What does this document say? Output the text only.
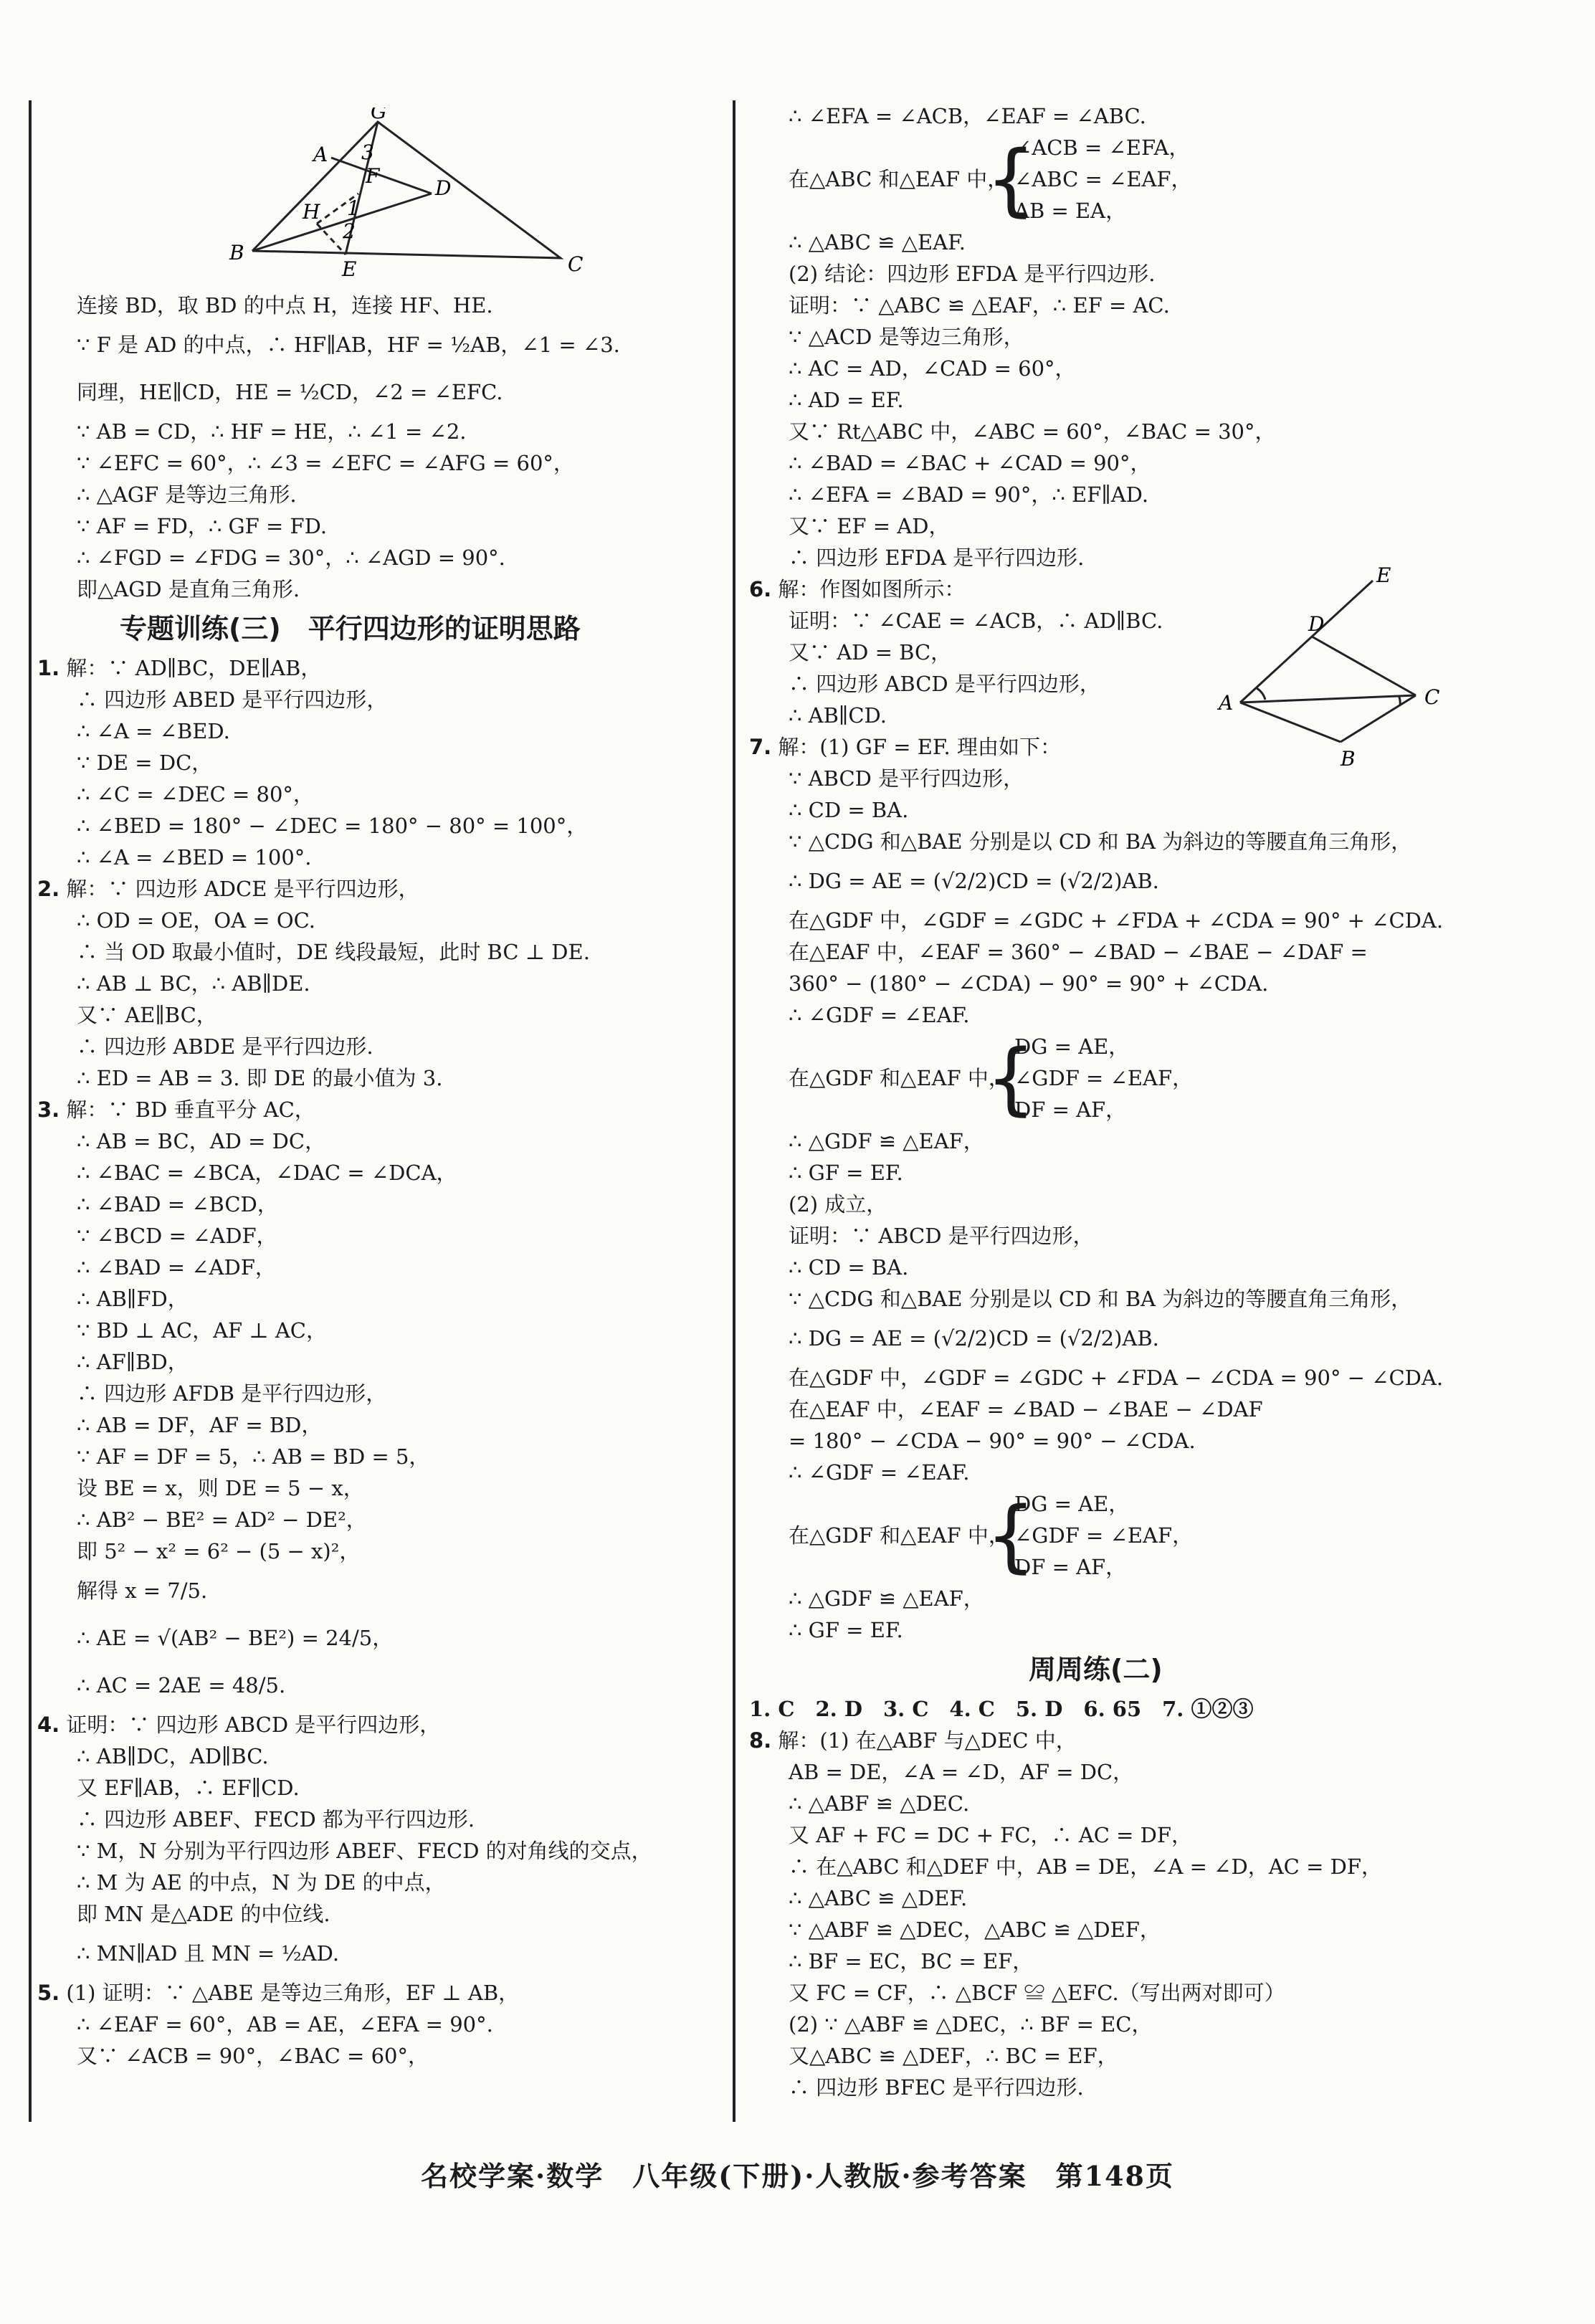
G
A 3
F
D
H 1
2
B
E	C
连接 BD，取 BD 的中点 H，连接 HF、HE.
∵ F 是 AD 的中点，∴ HF∥AB，HF = ½AB，∠1 = ∠3.
同理，HE∥CD，HE = ½CD，∠2 = ∠EFC.
∵ AB = CD，∴ HF = HE，∴ ∠1 = ∠2.
∵ ∠EFC = 60°，∴ ∠3 = ∠EFC = ∠AFG = 60°，
∴ △AGF 是等边三角形.
∵ AF = FD，∴ GF = FD.
∴ ∠FGD = ∠FDG = 30°，∴ ∠AGD = 90°.
即△AGD 是直角三角形.
专题训练(三)　平行四边形的证明思路
1. 解：∵ AD∥BC，DE∥AB，
∴ 四边形 ABED 是平行四边形，
∴ ∠A = ∠BED.
∵ DE = DC，
∴ ∠C = ∠DEC = 80°，
∴ ∠BED = 180° − ∠DEC = 180° − 80° = 100°，
∴ ∠A = ∠BED = 100°.
2. 解：∵ 四边形 ADCE 是平行四边形，
∴ OD = OE，OA = OC.
∴ 当 OD 取最小值时，DE 线段最短，此时 BC ⊥ DE.
∴ AB ⊥ BC，∴ AB∥DE.
又∵ AE∥BC，
∴ 四边形 ABDE 是平行四边形.
∴ ED = AB = 3. 即 DE 的最小值为 3.
3. 解：∵ BD 垂直平分 AC，
∴ AB = BC，AD = DC，
∴ ∠BAC = ∠BCA，∠DAC = ∠DCA，
∴ ∠BAD = ∠BCD，
∵ ∠BCD = ∠ADF，
∴ ∠BAD = ∠ADF，
∴ AB∥FD，
∵ BD ⊥ AC，AF ⊥ AC，
∴ AF∥BD，
∴ 四边形 AFDB 是平行四边形，
∴ AB = DF，AF = BD，
∵ AF = DF = 5，∴ AB = BD = 5，
设 BE = x，则 DE = 5 − x，
∴ AB² − BE² = AD² − DE²，
即 5² − x² = 6² − (5 − x)²，
解得 x = 7/5.
∴ AE = √(AB² − BE²) = 24/5，
∴ AC = 2AE = 48/5.
4. 证明：∵ 四边形 ABCD 是平行四边形，
∴ AB∥DC，AD∥BC.
又 EF∥AB，∴ EF∥CD.
∴ 四边形 ABEF、FECD 都为平行四边形.
∵ M，N 分别为平行四边形 ABEF、FECD 的对角线的交点，
∴ M 为 AE 的中点，N 为 DE 的中点，
即 MN 是△ADE 的中位线.
∴ MN∥AD 且 MN = ½AD.
5. (1) 证明：∵ △ABE 是等边三角形，EF ⊥ AB，
∴ ∠EAF = 60°，AB = AE，∠EFA = 90°.
又∵ ∠ACB = 90°，∠BAC = 60°，
∴ ∠EFA = ∠ACB，∠EAF = ∠ABC.
在△ABC 和△EAF 中，
{
∠ACB = ∠EFA，
∠ABC = ∠EAF，
AB = EA，
∴ △ABC ≌ △EAF.
(2) 结论：四边形 EFDA 是平行四边形.
证明：∵ △ABC ≌ △EAF，∴ EF = AC.
∵ △ACD 是等边三角形，
∴ AC = AD，∠CAD = 60°，
∴ AD = EF.
又∵ Rt△ABC 中，∠ABC = 60°，∠BAC = 30°，
∴ ∠BAD = ∠BAC + ∠CAD = 90°，
∴ ∠EFA = ∠BAD = 90°，∴ EF∥AD.
又∵ EF = AD，
∴ 四边形 EFDA 是平行四边形.
6. 解：作图如图所示：
证明：∵ ∠CAE = ∠ACB，∴ AD∥BC.
又∵ AD = BC，
∴ 四边形 ABCD 是平行四边形，
∴ AB∥CD.
E
D
A	C
B
7. 解：(1) GF = EF. 理由如下：
∵ ABCD 是平行四边形，
∴ CD = BA.
∵ △CDG 和△BAE 分别是以 CD 和 BA 为斜边的等腰直角三角形，
∴ DG = AE = (√2/2)CD = (√2/2)AB.
在△GDF 中，∠GDF = ∠GDC + ∠FDA + ∠CDA = 90° + ∠CDA.
在△EAF 中，∠EAF = 360° − ∠BAD − ∠BAE − ∠DAF =
360° − (180° − ∠CDA) − 90° = 90° + ∠CDA.
∴ ∠GDF = ∠EAF.
在△GDF 和△EAF 中，
{
DG = AE，
∠GDF = ∠EAF，
DF = AF，
∴ △GDF ≌ △EAF，
∴ GF = EF.
(2) 成立，
证明：∵ ABCD 是平行四边形，
∴ CD = BA.
∵ △CDG 和△BAE 分别是以 CD 和 BA 为斜边的等腰直角三角形，
∴ DG = AE = (√2/2)CD = (√2/2)AB.
在△GDF 中，∠GDF = ∠GDC + ∠FDA − ∠CDA = 90° − ∠CDA.
在△EAF 中，∠EAF = ∠BAD − ∠BAE − ∠DAF
= 180° − ∠CDA − 90° = 90° − ∠CDA.
∴ ∠GDF = ∠EAF.
在△GDF 和△EAF 中，
{
DG = AE，
∠GDF = ∠EAF，
DF = AF，
∴ △GDF ≌ △EAF，
∴ GF = EF.
周周练(二)
1. C　2. D　3. C　4. C　5. D　6. 65　7. ①②③
8. 解：(1) 在△ABF 与△DEC 中，
AB = DE，∠A = ∠D，AF = DC，
∴ △ABF ≌ △DEC.
又 AF + FC = DC + FC，∴ AC = DF，
∴ 在△ABC 和△DEF 中，AB = DE，∠A = ∠D，AC = DF，
∴ △ABC ≌ △DEF.
∵ △ABF ≌ △DEC，△ABC ≌ △DEF，
∴ BF = EC，BC = EF，
又 FC = CF，∴ △BCF ≌ △EFC.（写出两对即可）
(2) ∵ △ABF ≌ △DEC，∴ BF = EC，
又△ABC ≌ △DEF，∴ BC = EF，
∴ 四边形 BFEC 是平行四边形.
名校学案·数学　八年级(下册)·人教版·参考答案　第148页
